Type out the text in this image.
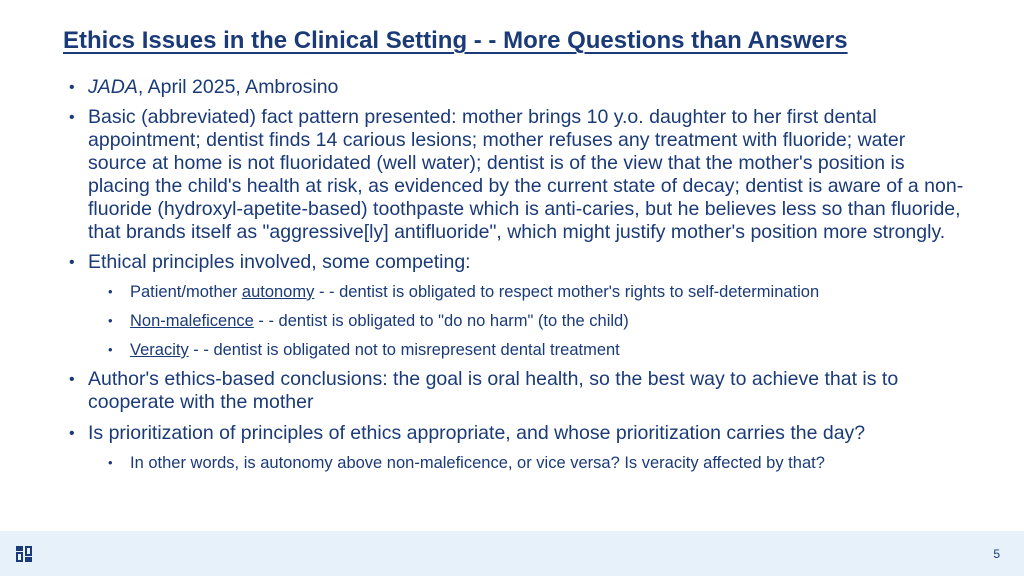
Ethics Issues in the Clinical Setting - - More Questions than Answers
• JADA, April 2025, Ambrosino
• Basic (abbreviated) fact pattern presented: mother brings 10 y.o. daughter to her first dental appointment; dentist finds 14 carious lesions; mother refuses any treatment with fluoride; water source at home is not fluoridated (well water); dentist is of the view that the mother's position is placing the child's health at risk, as evidenced by the current state of decay; dentist is aware of a non-fluoride (hydroxyl-apetite-based) toothpaste which is anti-caries, but he believes less so than fluoride, that brands itself as "aggressive[ly] antifluoride", which might justify mother's position more strongly.
• Ethical principles involved, some competing:
• Patient/mother autonomy - - dentist is obligated to respect mother's rights to self-determination
• Non-maleficence - - dentist is obligated to "do no harm" (to the child)
• Veracity - - dentist is obligated not to misrepresent dental treatment
• Author's ethics-based conclusions: the goal is oral health, so the best way to achieve that is to cooperate with the mother
• Is prioritization of principles of ethics appropriate, and whose prioritization carries the day?
• In other words, is autonomy above non-maleficence, or vice versa? Is veracity affected by that?
5
